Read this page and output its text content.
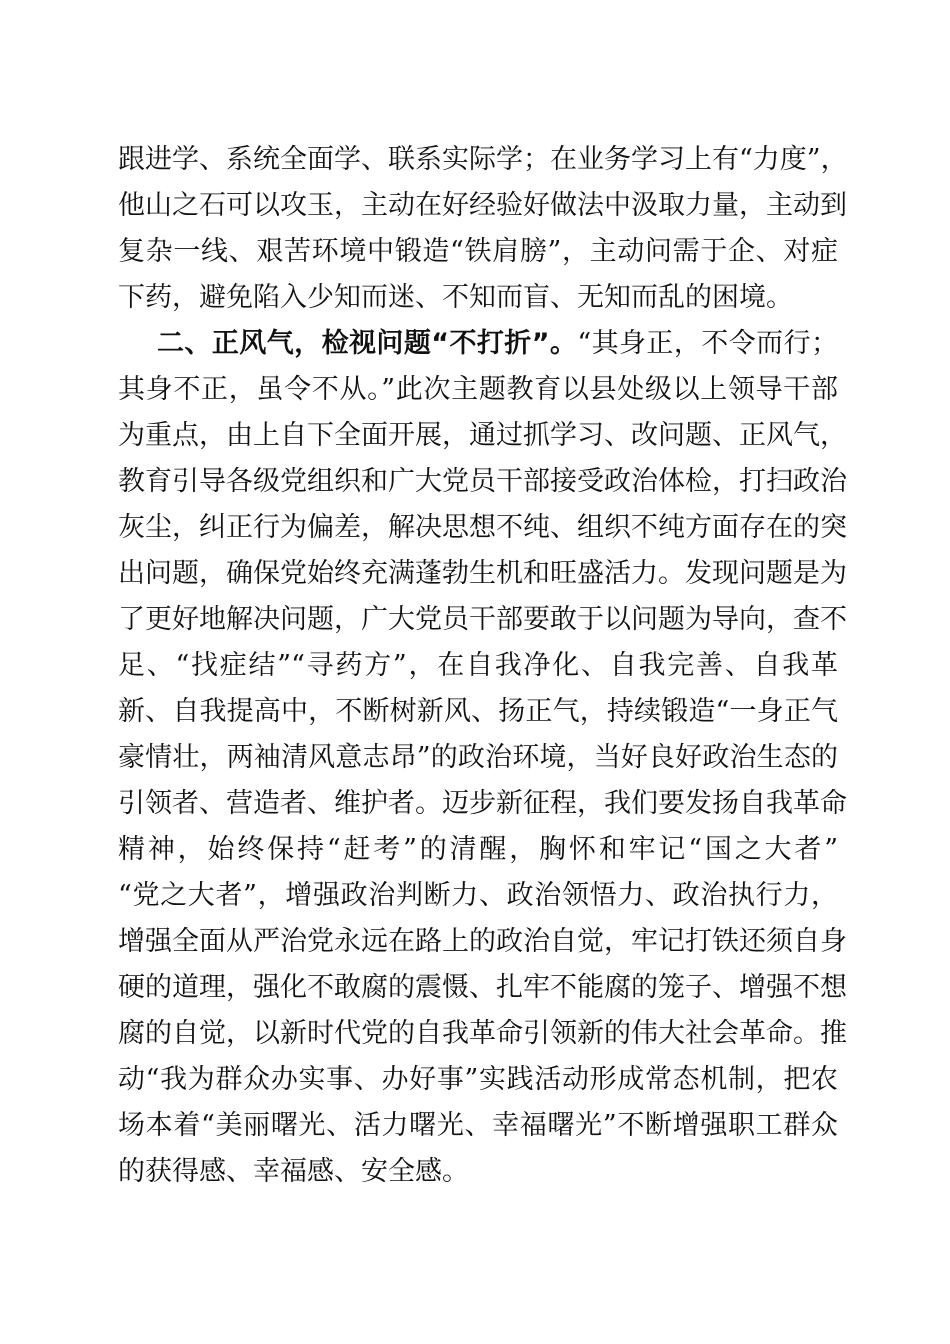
跟进学、系统全面学、联系实际学；在业务学习上有“力度”，
他山之石可以攻玉，主动在好经验好做法中汲取力量，主动到
复杂一线、艰苦环境中锻造“铁肩膀”，主动问需于企、对症
下药，避免陷入少知而迷、不知而盲、无知而乱的困境。
二、正风气，检视问题“不打折”。“其身正，不令而行；
其身不正，虽令不从。”此次主题教育以县处级以上领导干部
为重点，由上自下全面开展，通过抓学习、改问题、正风气，
教育引导各级党组织和广大党员干部接受政治体检，打扫政治
灰尘，纠正行为偏差，解决思想不纯、组织不纯方面存在的突
出问题，确保党始终充满蓬勃生机和旺盛活力。发现问题是为
了更好地解决问题，广大党员干部要敢于以问题为导向，查不
足、“找症结”“寻药方”，在自我净化、自我完善、自我革
新、自我提高中，不断树新风、扬正气，持续锻造“一身正气
豪情壮，两袖清风意志昂”的政治环境，当好良好政治生态的
引领者、营造者、维护者。迈步新征程，我们要发扬自我革命
精神，始终保持“赶考”的清醒，胸怀和牢记“国之大者”
“党之大者”，增强政治判断力、政治领悟力、政治执行力，
增强全面从严治党永远在路上的政治自觉，牢记打铁还须自身
硬的道理，强化不敢腐的震慑、扎牢不能腐的笼子、增强不想
腐的自觉，以新时代党的自我革命引领新的伟大社会革命。推
动“我为群众办实事、办好事”实践活动形成常态机制，把农
场本着“美丽曙光、活力曙光、幸福曙光”不断增强职工群众
的获得感、幸福感、安全感。
